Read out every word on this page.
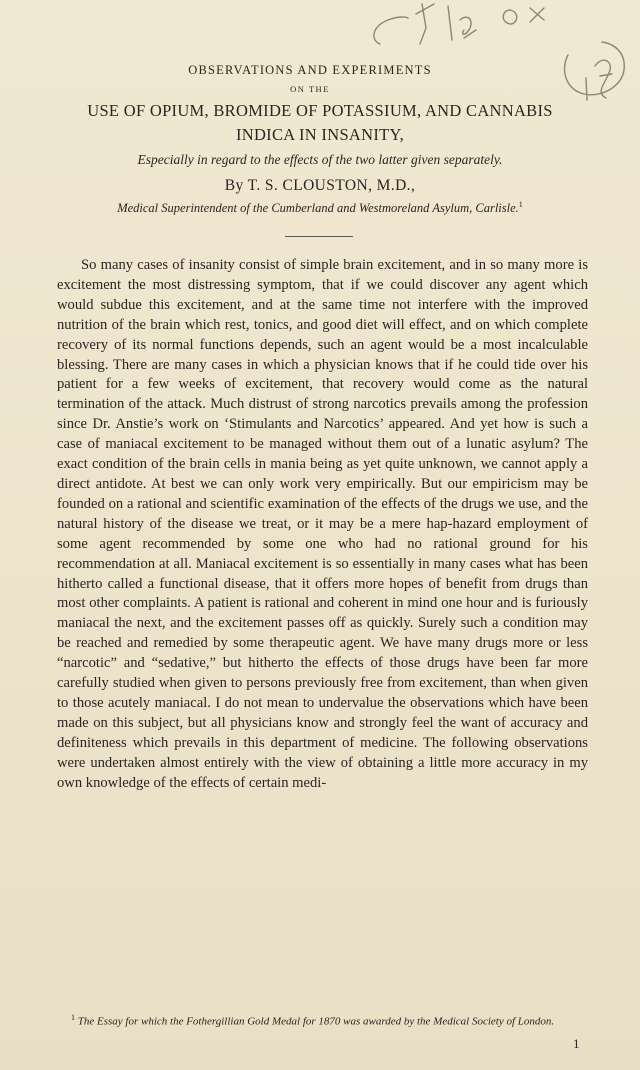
OBSERVATIONS AND EXPERIMENTS
ON THE
USE OF OPIUM, BROMIDE OF POTASSIUM, AND CANNABIS
INDICA IN INSANITY,
Especially in regard to the effects of the two latter given separately.
By T. S. CLOUSTON, M.D.,
Medical Superintendent of the Cumberland and Westmoreland Asylum, Carlisle.$^1$

So many cases of insanity consist of simple brain excitement, and in so many more is excitement the most distressing symptom, that if we could discover any agent which would subdue this excitement, and at the same time not interfere with the improved nutrition of the brain which rest, tonics, and good diet will effect, and on which complete recovery of its normal functions depends, such an agent would be a most incalculable blessing. There are many cases in which a physician knows that if he could tide over his patient for a few weeks of excitement, that recovery would come as the natural termination of the attack. Much distrust of strong narcotics prevails among the profession since Dr. Anstie’s work on ‘Stimulants and Narcotics’ appeared. And yet how is such a case of maniacal excitement to be managed without them out of a lunatic asylum? The exact condition of the brain cells in mania being as yet quite unknown, we cannot apply a direct antidote. At best we can only work very empirically. But our empiricism may be founded on a rational and scientific examination of the effects of the drugs we use, and the natural history of the disease we treat, or it may be a mere hap-hazard employment of some agent recommended by some one who had no rational ground for his recommendation at all. Maniacal excitement is so essentially in many cases what has been hitherto called a functional disease, that it offers more hopes of benefit from drugs than most other complaints. A patient is rational and coherent in mind one hour and is furiously maniacal the next, and the excitement passes off as quickly. Surely such a condition may be reached and remedied by some therapeutic agent. We have many drugs more or less “narcotic” and “sedative,” but hitherto the effects of those drugs have been far more carefully studied when given to persons previously free from excitement, than when given to those acutely maniacal. I do not mean to undervalue the observations which have been made on this subject, but all physicians know and strongly feel the want of accuracy and definiteness which prevails in this department of medicine. The following observations were undertaken almost entirely with the view of obtaining a little more accuracy in my own knowledge of the effects of certain medi-

$^1$ The Essay for which the Fothergillian Gold Medal for 1870 was awarded by the Medical Society of London.

1
